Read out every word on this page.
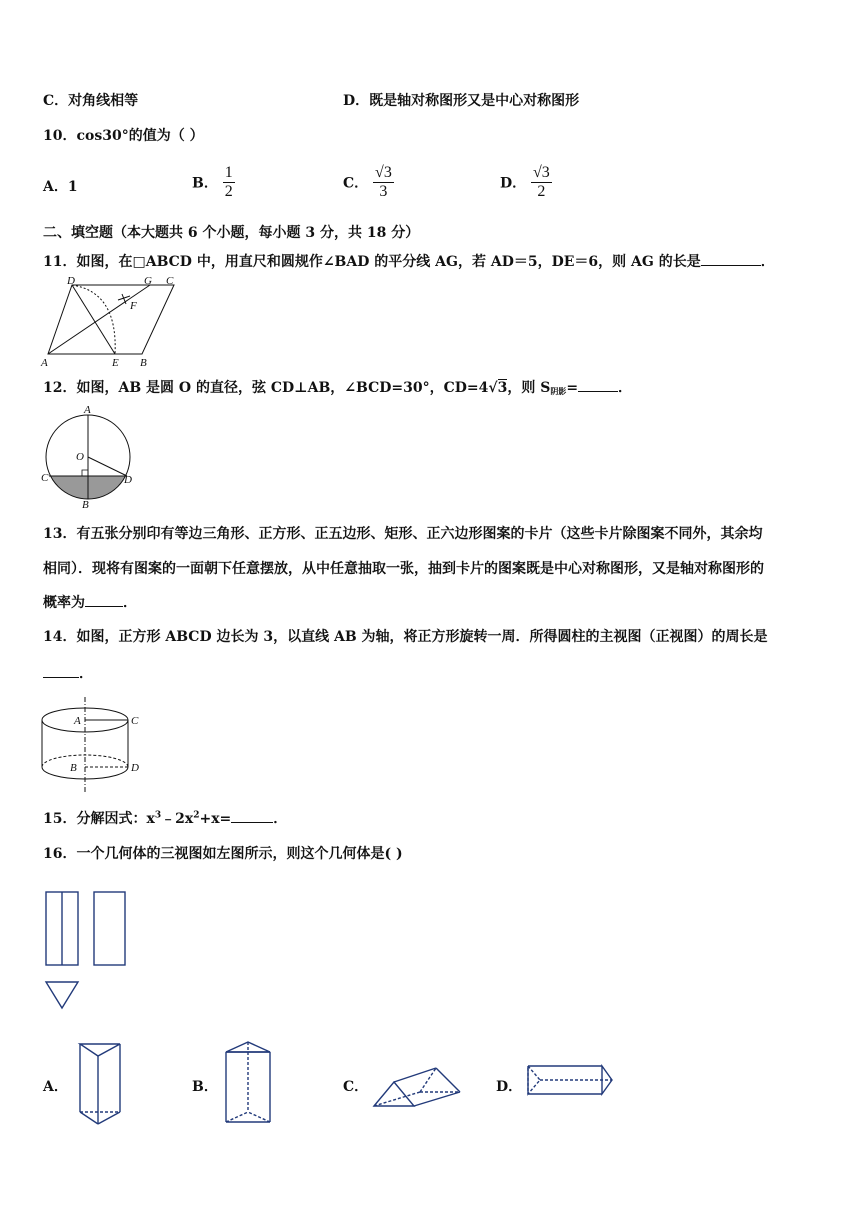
C．对角线相等	D．既是轴对称图形又是中心对称图形
10．cos30°的值为（ ）
A．1	B． $\frac{1}{2}$	C． $\frac{√3}{3}$	D． $\frac{√3}{2}$
二、填空题（本大题共 6 个小题，每小题 3 分，共 18 分）
11．如图，在□ABCD 中，用直尺和圆规作∠BAD 的平分线 AG，若 AD＝5，DE＝6，则 AG 的长是	．
D	G C
F
A	E B
12．如图，AB 是圆 O 的直径，弦 CD⊥AB，∠BCD=30°，CD=4√3，则 $S_{阴影}=$	．
A
O
C	D
B
13．有五张分别印有等边三角形、正方形、正五边形、矩形、正六边形图案的卡片（这些卡片除图案不同外，其余均
相同）．现将有图案的一面朝下任意摆放，从中任意抽取一张，抽到卡片的图案既是中心对称图形，又是轴对称图形的
概率为	．
14．如图，正方形 ABCD 边长为 3，以直线 AB 为轴，将正方形旋转一周．所得圆柱的主视图（正视图）的周长是
．
A	C
B	D
15．分解因式：$x^3﹣2x^2+x=$	．
16．一个几何体的三视图如左图所示，则这个几何体是( )
A．	B．	C．	D．
